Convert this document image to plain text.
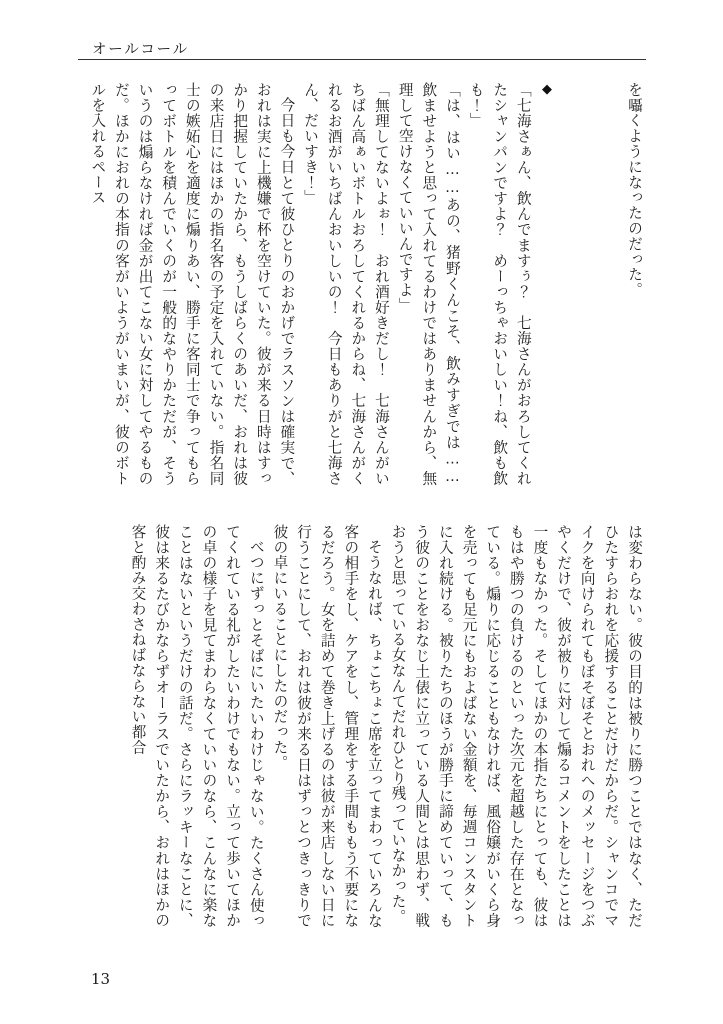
オールコール

を囁くようになったのだった。

◆

「七海さぁん、飲んでますぅ？　七海さんがおろしてくれたシャンパンですよ？　めーっちゃおいしい！ね、飲も飲も！」

「は、はい……あの、猪野くんこそ、飲みすぎでは……飲ませようと思って入れてるわけではありませんから、無理して空けなくていいんですよ」

「無理してないよぉ！　おれ酒好きだし！　七海さんがいちばん高ぁいボトルおろしてくれるからね、七海さんがくれるお酒がいちばんおいしいの！　今日もありがと七海さん、だいすき！」

今日も今日とて彼ひとりのおかげでラスソンは確実で、おれは実に上機嫌で杯を空けていた。彼が来る日時はすっかり把握していたから、もうしばらくのあいだ、おれは彼の来店日にはほかの指名客の予定を入れていない。指名同士の嫉妬心を適度に煽りあい、勝手に客同士で争ってもらってボトルを積んでいくのが一般的なやりかただが、そういうのは煽らなければ金が出てこない女に対してやるものだ。ほかにおれの本指の客がいようがいまいが、彼のボトルを入れるペース

は変わらない。彼の目的は被りに勝つことではなく、ただひたすらおれを応援することだけだからだ。シャンコでマイクを向けられてもぼそぼそとおれへのメッセージをつぶやくだけで、彼が被りに対して煽るコメントをしたことは一度もなかった。そしてほかの本指たちにとっても、彼はもはや勝つの負けるのといった次元を超越した存在となっている。煽りに応じることもなければ、風俗嬢がいくら身を売っても足元にもおよばない金額を、毎週コンスタントに入れ続ける。被りたちのほうが勝手に諦めていって、もう彼のことをおなじ土俵に立っている人間とは思わず、戦おうと思っている女なんてだれひとり残っていなかった。

そうなれば、ちょこちょこ席を立ってまわっていろんな客の相手をし、ケアをし、管理をする手間ももう不要になるだろう。女を詰めて巻き上げるのは彼が来店しない日に行うことにして、おれは彼が来る日はずっとつきっきりで彼の卓にいることにしたのだった。

べつにずっとそばにいたいわけじゃない。たくさん使ってくれている礼がしたいわけでもない。立って歩いてほかの卓の様子を見てまわらなくていいのなら、こんなに楽なことはないというだけの話だ。さらにラッキーなことに、彼は来るたびかならずオーラスでいたから、おれはほかの客と酌み交わさねばならない都合

13
